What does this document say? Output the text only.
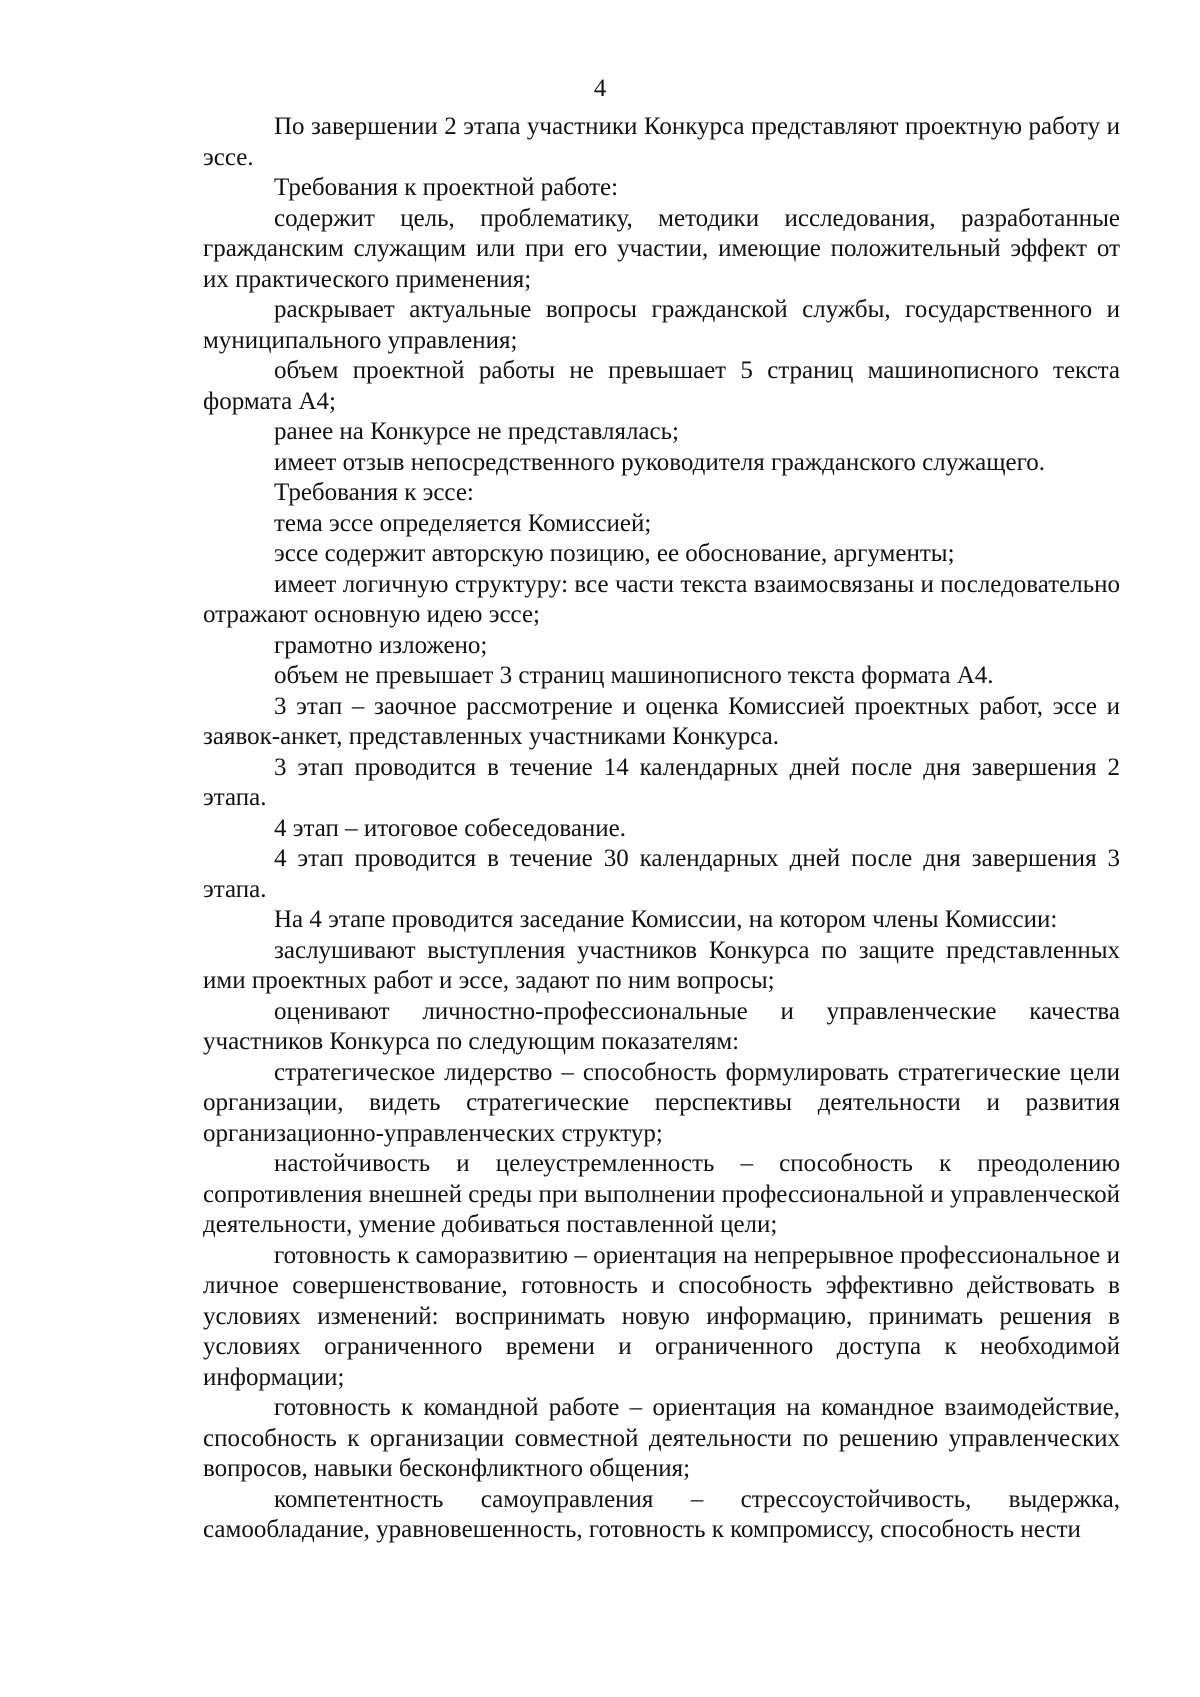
4

По завершении 2 этапа участники Конкурса представляют проектную работу и эссе.

Требования к проектной работе:

содержит цель, проблематику, методики исследования, разработанные гражданским служащим или при его участии, имеющие положительный эффект от их практического применения;

раскрывает актуальные вопросы гражданской службы, государственного и муниципального управления;

объем проектной работы не превышает 5 страниц машинописного текста формата А4;

ранее на Конкурсе не представлялась;

имеет отзыв непосредственного руководителя гражданского служащего.

Требования к эссе:

тема эссе определяется Комиссией;

эссе содержит авторскую позицию, ее обоснование, аргументы;

имеет логичную структуру: все части текста взаимосвязаны и последовательно отражают основную идею эссе;

грамотно изложено;

объем не превышает 3 страниц машинописного текста формата А4.

3 этап – заочное рассмотрение и оценка Комиссией проектных работ, эссе и заявок-анкет, представленных участниками Конкурса.

3 этап проводится в течение 14 календарных дней после дня завершения 2 этапа.

4 этап – итоговое собеседование.

4 этап проводится в течение 30 календарных дней после дня завершения 3 этапа.

На 4 этапе проводится заседание Комиссии, на котором члены Комиссии:

заслушивают выступления участников Конкурса по защите представленных ими проектных работ и эссе, задают по ним вопросы;

оценивают личностно-профессиональные и управленческие качества участников Конкурса по следующим показателям:

стратегическое лидерство – способность формулировать стратегические цели организации, видеть стратегические перспективы деятельности и развития организационно-управленческих структур;

настойчивость и целеустремленность – способность к преодолению сопротивления внешней среды при выполнении профессиональной и управленческой деятельности, умение добиваться поставленной цели;

готовность к саморазвитию – ориентация на непрерывное профессиональное и личное совершенствование, готовность и способность эффективно действовать в условиях изменений: воспринимать новую информацию, принимать решения в условиях ограниченного времени и ограниченного доступа к необходимой информации;

готовность к командной работе – ориентация на командное взаимодействие, способность к организации совместной деятельности по решению управленческих вопросов, навыки бесконфликтного общения;

компетентность самоуправления – стрессоустойчивость, выдержка, самообладание, уравновешенность, готовность к компромиссу, способность нести
